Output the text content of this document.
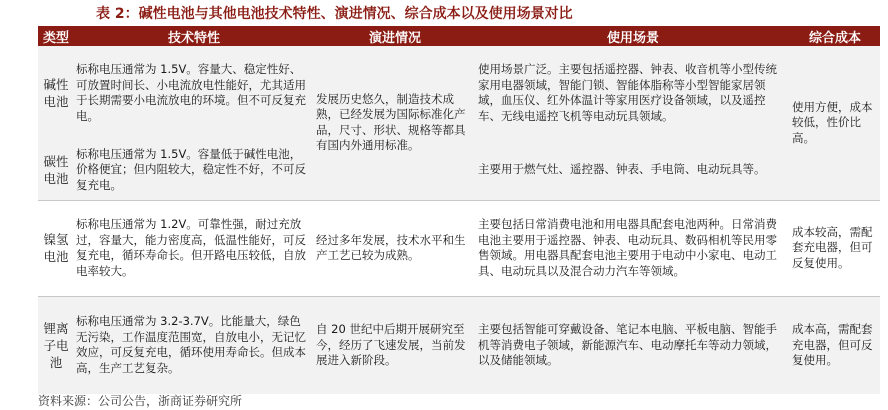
表 2：碱性电池与其他电池技术特性、演进情况、综合成本以及使用场景对比
类型	技术特性	演进情况	使用场景	综合成本
碱性电池	标称电压通常为 1.5V。容量大、稳定性好、可放置时间长、小电流放电性能好，尤其适用于长期需要小电流放电的环境。但不可反复充电。	发展历史悠久，制造技术成熟，已经发展为国际标准化产品，尺寸、形状、规格等都具有国内外通用标准。	使用场景广泛。主要包括遥控器、钟表、收音机等小型传统家用电器领域，智能门锁、智能体脂称等小型智能家居领域，血压仪、红外体温计等家用医疗设备领域，以及遥控车、无线电遥控飞机等电动玩具领域。	使用方便，成本较低，性价比高。
碳性电池	标称电压通常为 1.5V。容量低于碱性电池，价格便宜；但内阻较大，稳定性不好，不可反复充电。		主要用于燃气灶、遥控器、钟表、手电筒、电动玩具等。	
镍氢电池	标称电压通常为 1.2V。可靠性强，耐过充放过，容量大，能力密度高，低温性能好，可反复充电，循环寿命长。但开路电压较低，自放电率较大。	经过多年发展，技术水平和生产工艺已较为成熟。	主要包括日常消费电池和用电器具配套电池两种。日常消费电池主要用于遥控器、钟表、电动玩具、数码相机等民用零售领域。用电器具配套电池主要用于电动中小家电、电动工具、电动玩具以及混合动力汽车等领域。	成本较高，需配套充电器，但可反复使用。
锂离子电池	标称电压通常为 3.2-3.7V。比能量大，绿色无污染，工作温度范围宽，自放电小，无记忆效应，可反复充电，循环使用寿命长。但成本高，生产工艺复杂。	自 20 世纪中后期开展研究至今，经历了飞速发展，当前发展进入新阶段。	主要包括智能可穿戴设备、笔记本电脑、平板电脑、智能手机等消费电子领域，新能源汽车、电动摩托车等动力领域，以及储能领域。	成本高，需配套充电器，但可反复使用。
资料来源：公司公告，浙商证券研究所
